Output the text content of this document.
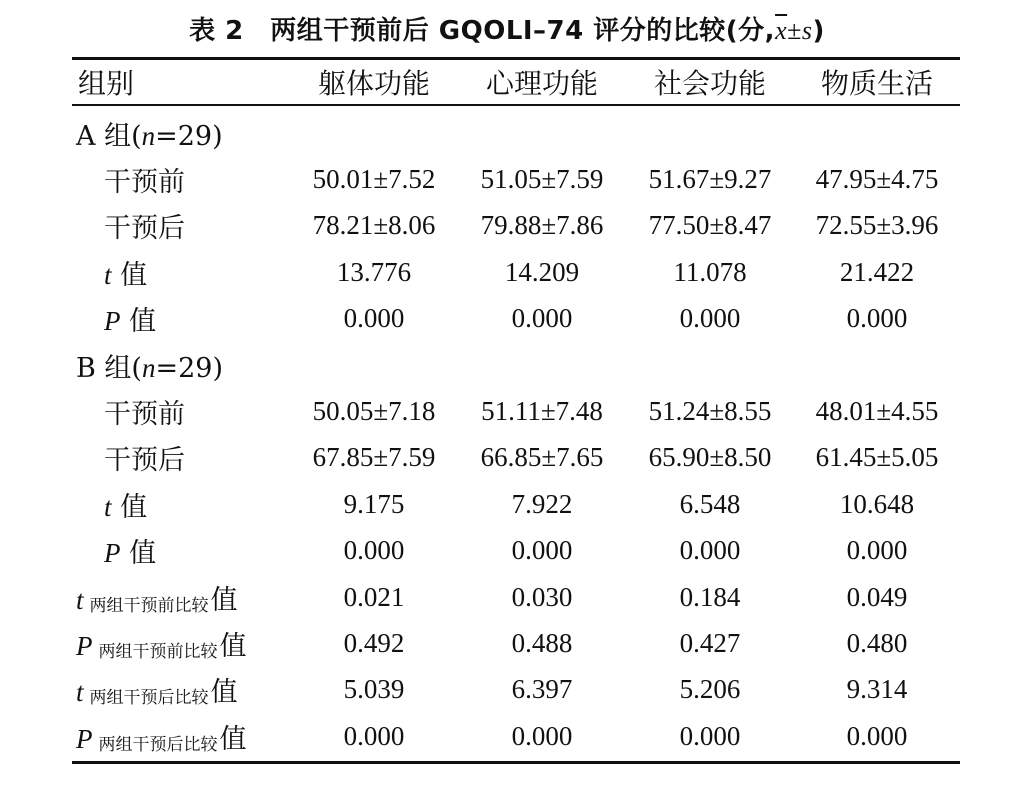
表 2　两组干预前后 GQOLI–74 评分的比较(分$,\overline{x}\pm s$)
组别	躯体功能	心理功能	社会功能	物质生活

A 组(n=29)				
干预前	50.01±7.52	51.05±7.59	51.67±9.27	47.95±4.75
干预后	78.21±8.06	79.88±7.86	77.50±8.47	72.55±3.96
t 值	13.776	14.209	11.078	21.422
P 值	0.000	0.000	0.000	0.000
B 组(n=29)				
干预前	50.05±7.18	51.11±7.48	51.24±8.55	48.01±4.55
干预后	67.85±7.59	66.85±7.65	65.90±8.50	61.45±5.05
t 值	9.175	7.922	6.548	10.648
P 值	0.000	0.000	0.000	0.000
t 两组干预前比较值	0.021	0.030	0.184	0.049
P 两组干预前比较值	0.492	0.488	0.427	0.480
t 两组干预后比较值	5.039	6.397	5.206	9.314
P 两组干预后比较值	0.000	0.000	0.000	0.000
